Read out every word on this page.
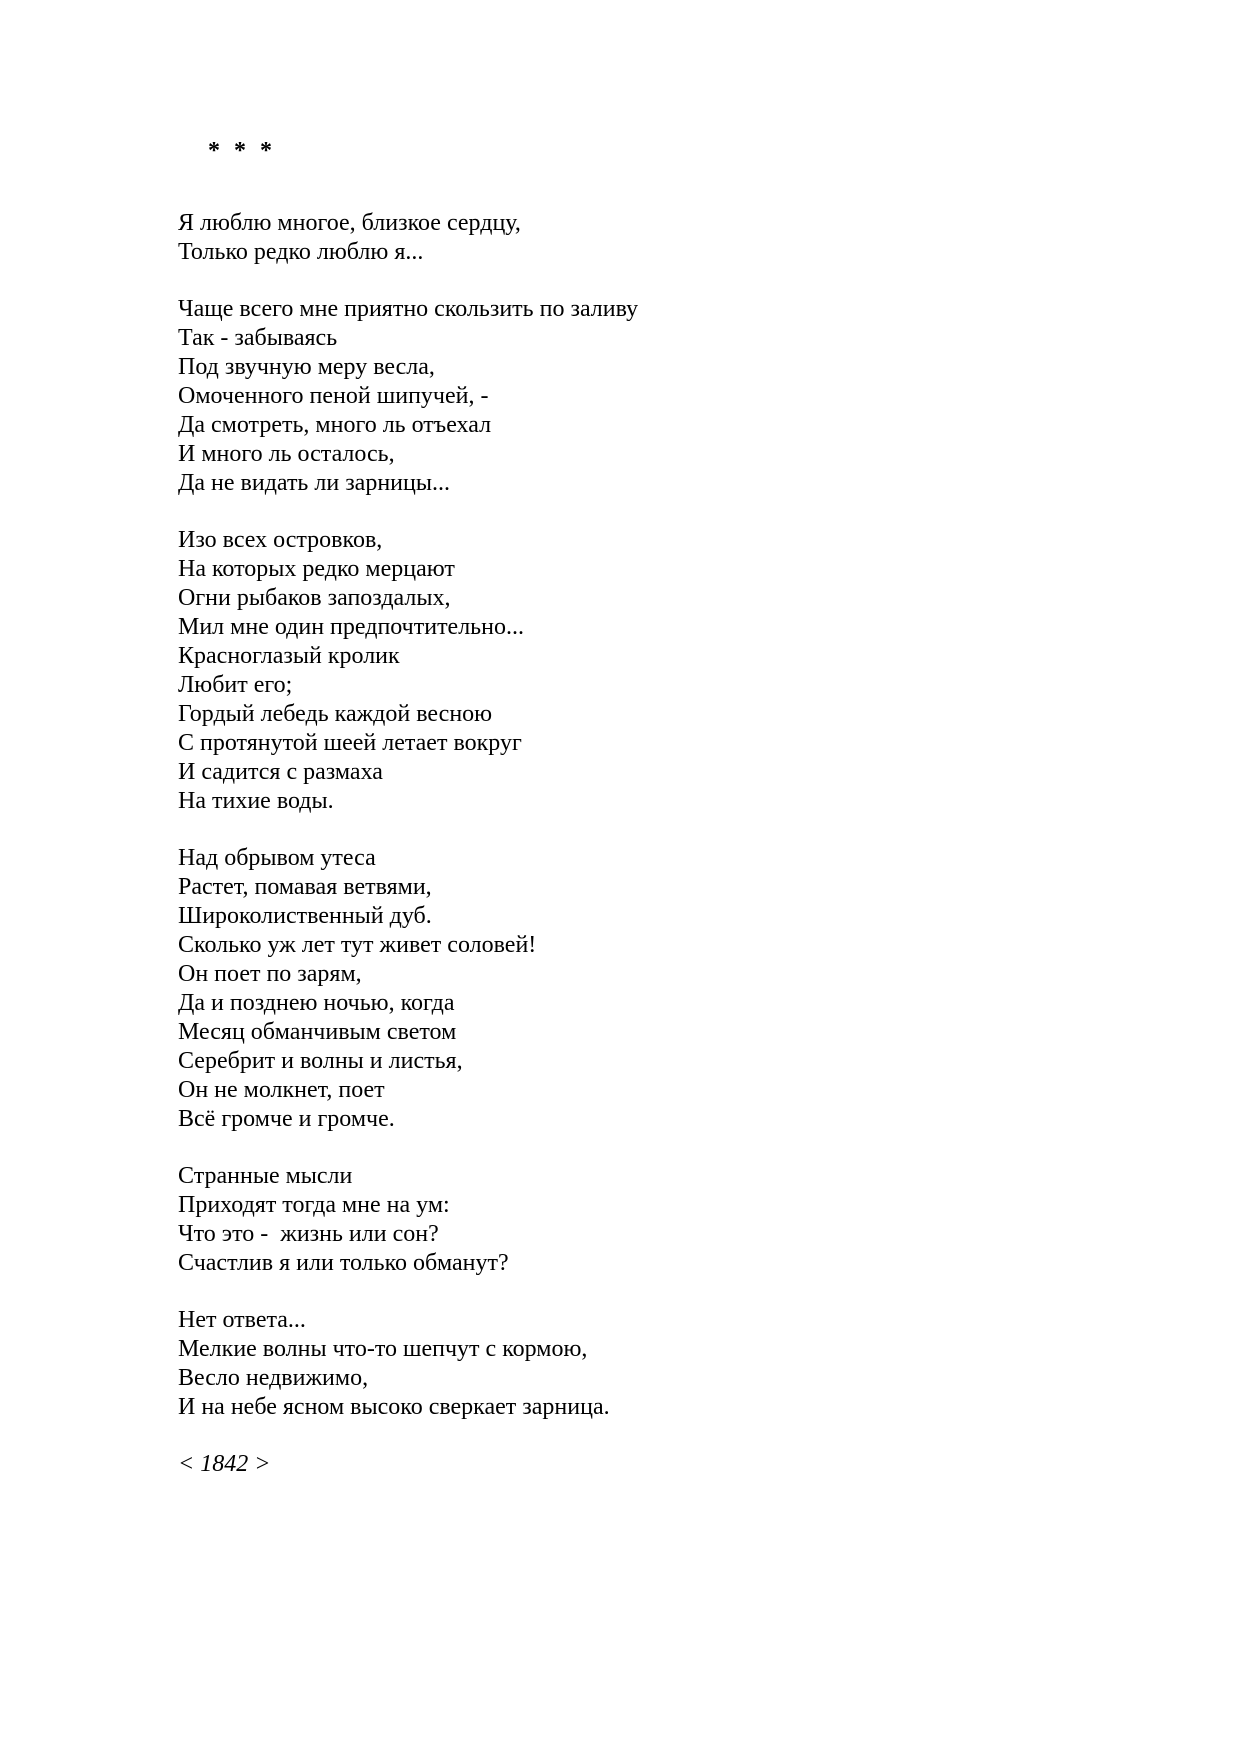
* * *
Я люблю многое, близкое сердцу,
Только редко люблю я...
Чаще всего мне приятно скользить по заливу
Так - забываясь
Под звучную меру весла,
Омоченного пеной шипучей, -
Да смотреть, много ль отъехал
И много ль осталось,
Да не видать ли зарницы...
Изо всех островков,
На которых редко мерцают
Огни рыбаков запоздалых,
Мил мне один предпочтительно...
Красноглазый кролик
Любит его;
Гордый лебедь каждой весною
С протянутой шеей летает вокруг
И садится с размаха
На тихие воды.
Над обрывом утеса
Растет, помавая ветвями,
Широколиственный дуб.
Сколько уж лет тут живет соловей!
Он поет по зарям,
Да и позднею ночью, когда
Месяц обманчивым светом
Серебрит и волны и листья,
Он не молкнет, поет
Всё громче и громче.
Странные мысли
Приходят тогда мне на ум:
Что это -  жизнь или сон?
Счастлив я или только обманут?
Нет ответа...
Мелкие волны что-то шепчут с кормою,
Весло недвижимо,
И на небе ясном высоко сверкает зарница.
< 1842 >
